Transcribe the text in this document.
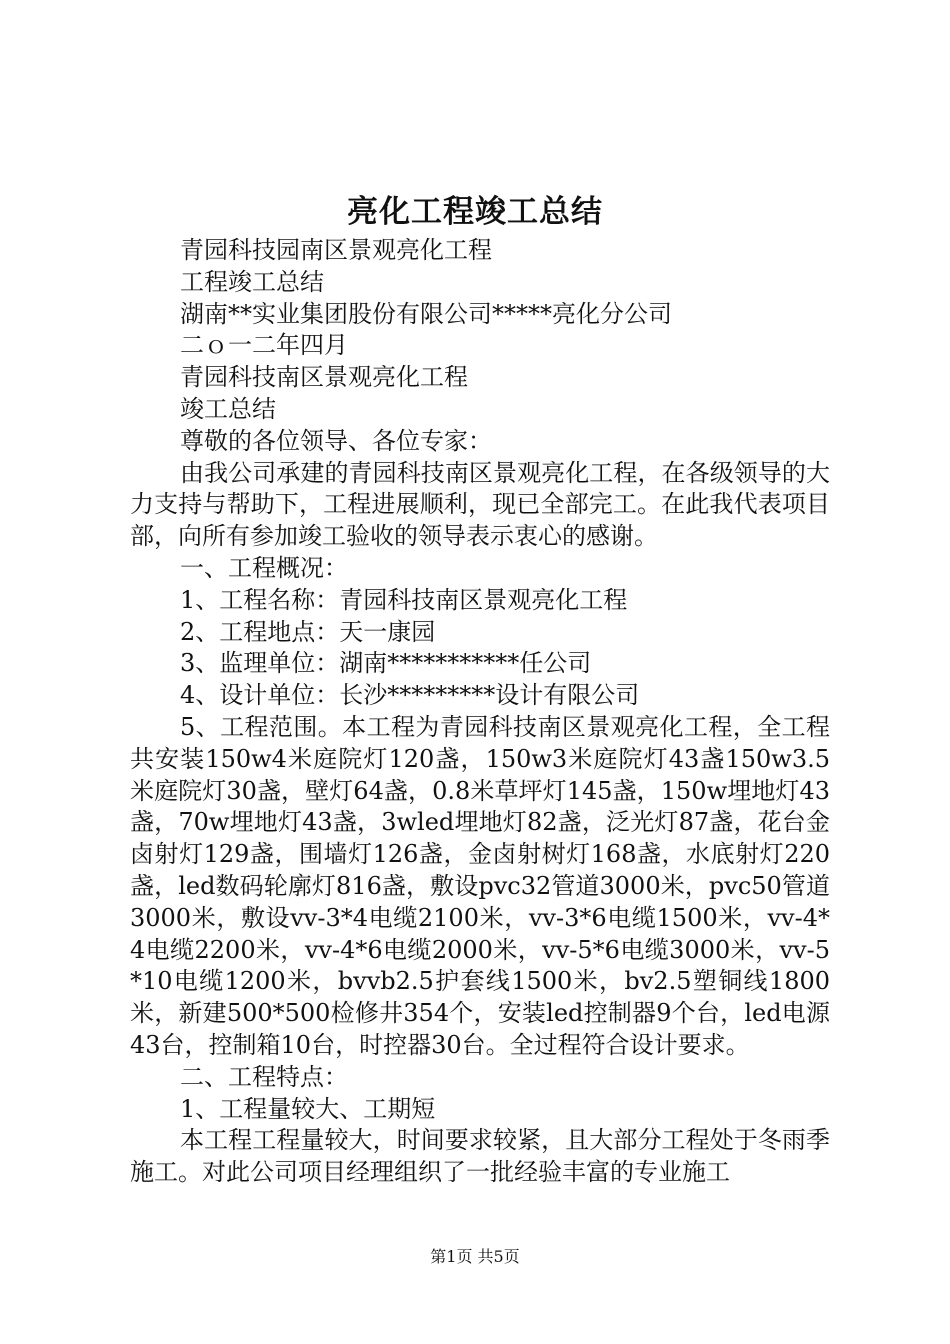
亮化工程竣工总结

青园科技园南区景观亮化工程

工程竣工总结

湖南**实业集团股份有限公司*****亮化分公司

二ｏ一二年四月

青园科技南区景观亮化工程

竣工总结

尊敬的各位领导、各位专家：

由我公司承建的青园科技南区景观亮化工程，在各级领导的大力支持与帮助下，工程进展顺利，现已全部完工。在此我代表项目部，向所有参加竣工验收的领导表示衷心的感谢。

一、工程概况：

1、工程名称：青园科技南区景观亮化工程

2、工程地点：天一康园

3、监理单位：湖南***********任公司

4、设计单位：长沙*********设计有限公司

5、工程范围。本工程为青园科技南区景观亮化工程，全工程共安装150w4米庭院灯120盏，150w3米庭院灯43盏150w3.5米庭院灯30盏，壁灯64盏，0.8米草坪灯145盏，150w埋地灯43盏，70w埋地灯43盏，3wled埋地灯82盏，泛光灯87盏，花台金卤射灯129盏，围墙灯126盏，金卤射树灯168盏，水底射灯220盏，led数码轮廓灯816盏，敷设pvc32管道3000米，pvc50管道3000米，敷设vv-3*4电缆2100米，vv-3*6电缆1500米，vv-4*4电缆2200米，vv-4*6电缆2000米，vv-5*6电缆3000米，vv-5*10电缆1200米，bvvb2.5护套线1500米，bv2.5塑铜线1800米，新建500*500检修井354个，安装led控制器9个台，led电源43台，控制箱10台，时控器30台。全过程符合设计要求。

二、工程特点：

1、工程量较大、工期短

本工程工程量较大，时间要求较紧，且大部分工程处于冬雨季施工。对此公司项目经理组织了一批经验丰富的专业施工

第1页 共5页
